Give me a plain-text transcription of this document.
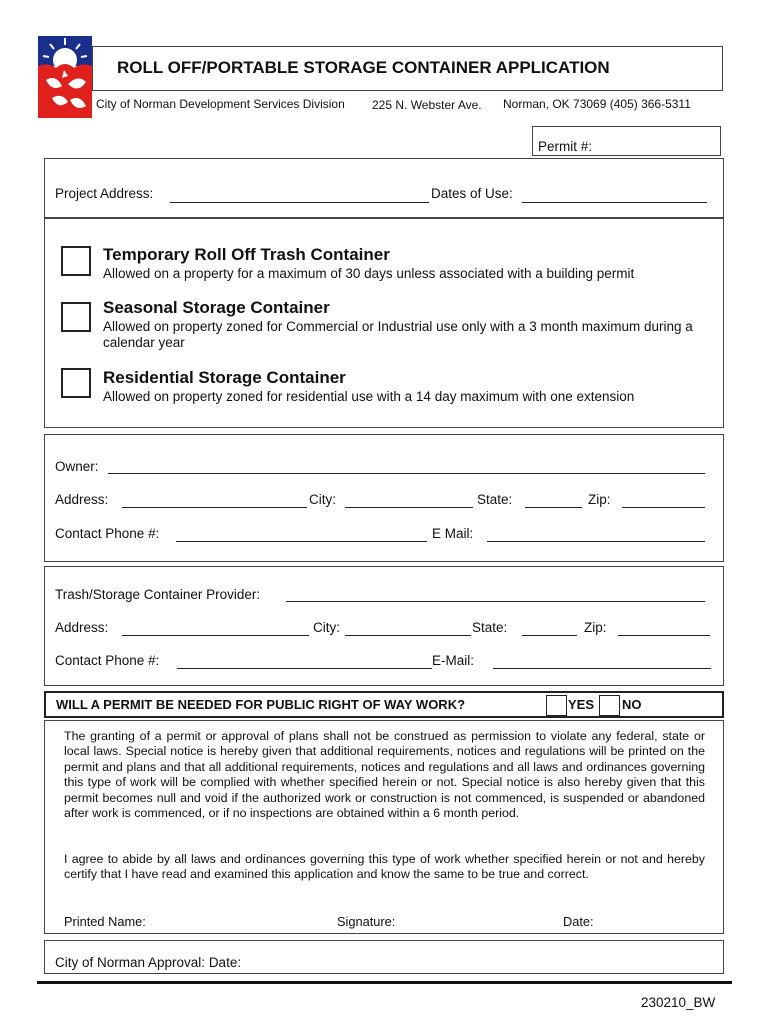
ROLL OFF/PORTABLE STORAGE CONTAINER APPLICATION
City of Norman Development Services Division 225 N. Webster Ave. Norman, OK 73069 (405) 366-5311
Permit #:
Project Address:	Dates of Use:
Temporary Roll Off Trash Container
Allowed on a property for a maximum of 30 days unless associated with a building permit
Seasonal Storage Container
Allowed on property zoned for Commercial or Industrial use only with a 3 month maximum during a calendar year
Residential Storage Container
Allowed on property zoned for residential use with a 14 day maximum with one extension
Owner:
Address:	City:	State:	Zip:
Contact Phone #:	E Mail:
Trash/Storage Container Provider:
Address:	City:	State:	Zip:
Contact Phone #:	E-Mail:
WILL A PERMIT BE NEEDED FOR PUBLIC RIGHT OF WAY WORK?	YES NO
The granting of a permit or approval of plans shall not be construed as permission to violate any federal, state or local laws. Special notice is hereby given that additional requirements, notices and regulations will be printed on the permit and plans and that all additional requirements, notices and regulations and all laws and ordinances governing this type of work will be complied with whether specified herein or not. Special notice is also hereby given that this permit becomes null and void if the authorized work or construction is not commenced, is suspended or abandoned after work is commenced, or if no inspections are obtained within a 6 month period.
I agree to abide by all laws and ordinances governing this type of work whether specified herein or not and hereby certify that I have read and examined this application and know the same to be true and correct.
Printed Name:	Signature:	Date:
City of Norman Approval: Date:
230210_BW
